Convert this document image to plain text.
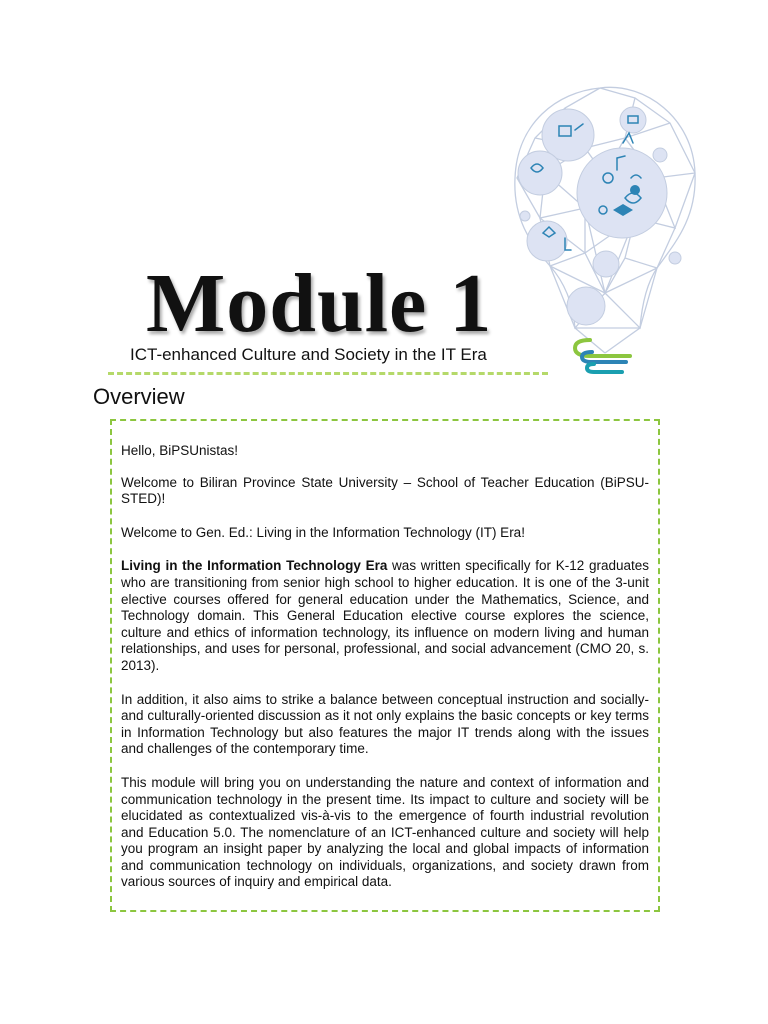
Module 1

ICT-enhanced Culture and Society in the IT Era

Overview

Hello, BiPSUnistas!

Welcome to Biliran Province State University – School of Teacher Education (BiPSU-STED)!

Welcome to Gen. Ed.: Living in the Information Technology (IT) Era!

Living in the Information Technology Era was written specifically for K-12 graduates who are transitioning from senior high school to higher education. It is one of the 3-unit elective courses offered for general education under the Mathematics, Science, and Technology domain. This General Education elective course explores the science, culture and ethics of information technology, its influence on modern living and human relationships, and uses for personal, professional, and social advancement (CMO 20, s. 2013).

In addition, it also aims to strike a balance between conceptual instruction and socially- and culturally-oriented discussion as it not only explains the basic concepts or key terms in Information Technology but also features the major IT trends along with the issues and challenges of the contemporary time.

This module will bring you on understanding the nature and context of information and communication technology in the present time. Its impact to culture and society will be elucidated as contextualized vis-à-vis to the emergence of fourth industrial revolution and Education 5.0. The nomenclature of an ICT-enhanced culture and society will help you program an insight paper by analyzing the local and global impacts of information and communication technology on individuals, organizations, and society drawn from various sources of inquiry and empirical data.
